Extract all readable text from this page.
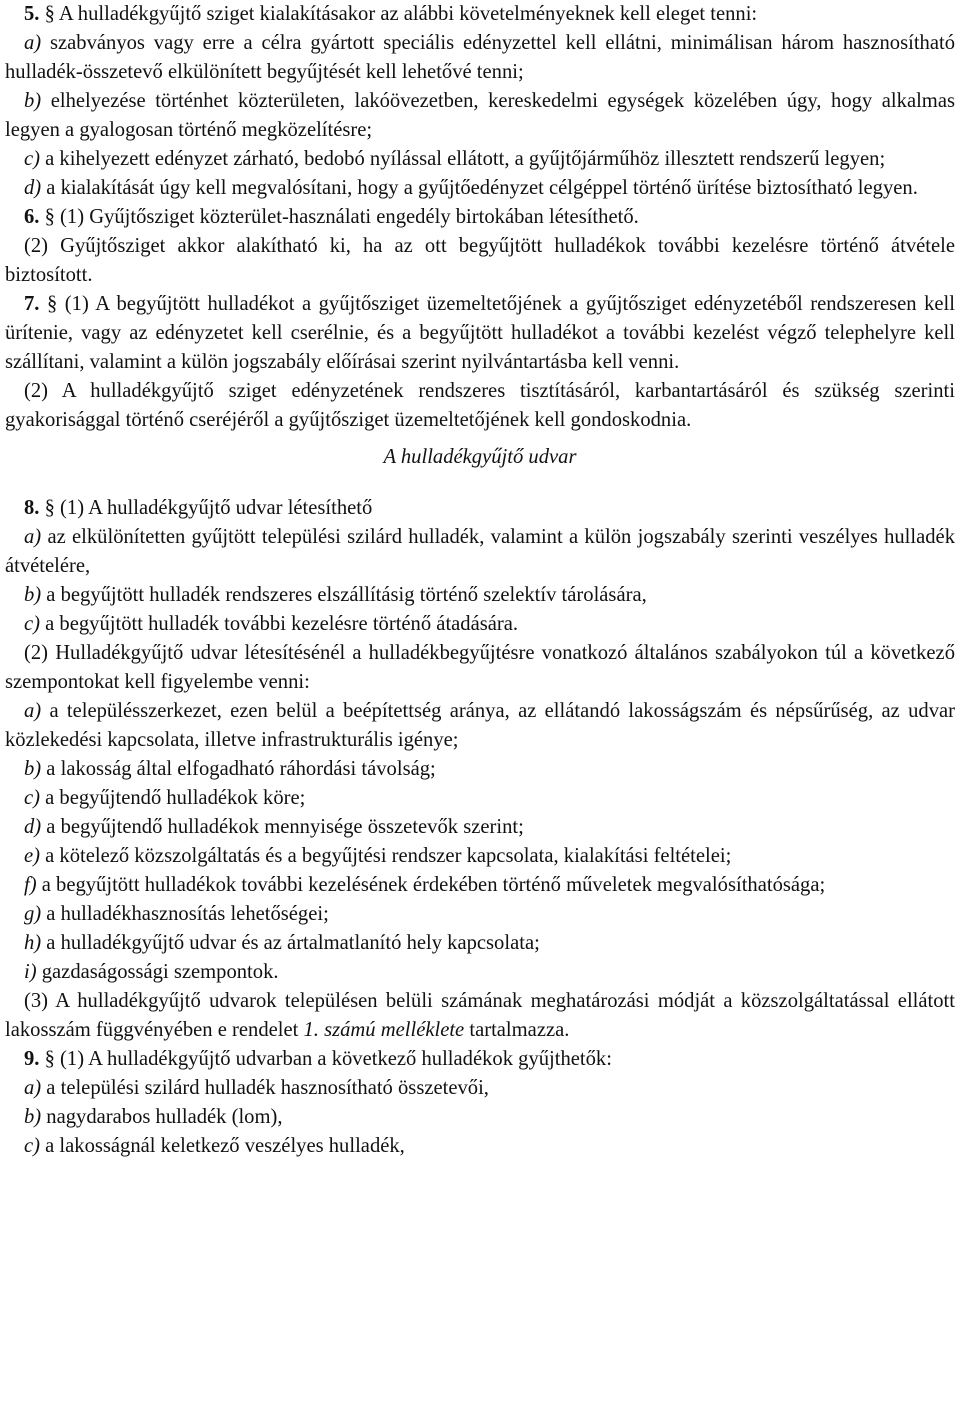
5. § A hulladékgyűjtő sziget kialakításakor az alábbi követelményeknek kell eleget tenni:

a) szabványos vagy erre a célra gyártott speciális edényzettel kell ellátni, minimálisan három hasznosítható hulladék-összetevő elkülönített begyűjtését kell lehetővé tenni;

b) elhelyezése történhet közterületen, lakóövezetben, kereskedelmi egységek közelében úgy, hogy alkalmas legyen a gyalogosan történő megközelítésre;

c) a kihelyezett edényzet zárható, bedobó nyílással ellátott, a gyűjtőjárműhöz illesztett rendszerű legyen;

d) a kialakítását úgy kell megvalósítani, hogy a gyűjtőedényzet célgéppel történő ürítése biztosítható legyen.

6. § (1) Gyűjtősziget közterület-használati engedély birtokában létesíthető.

(2) Gyűjtősziget akkor alakítható ki, ha az ott begyűjtött hulladékok további kezelésre történő átvétele biztosított.

7. § (1) A begyűjtött hulladékot a gyűjtősziget üzemeltetőjének a gyűjtősziget edényzetéből rendszeresen kell ürítenie, vagy az edényzetet kell cserélnie, és a begyűjtött hulladékot a további kezelést végző telephelyre kell szállítani, valamint a külön jogszabály előírásai szerint nyilvántartásba kell venni.

(2) A hulladékgyűjtő sziget edényzetének rendszeres tisztításáról, karbantartásáról és szükség szerinti gyakorisággal történő cseréjéről a gyűjtősziget üzemeltetőjének kell gondoskodnia.

A hulladékgyűjtő udvar

8. § (1) A hulladékgyűjtő udvar létesíthető

a) az elkülönítetten gyűjtött települési szilárd hulladék, valamint a külön jogszabály szerinti veszélyes hulladék átvételére,

b) a begyűjtött hulladék rendszeres elszállításig történő szelektív tárolására,

c) a begyűjtött hulladék további kezelésre történő átadására.

(2) Hulladékgyűjtő udvar létesítésénél a hulladékbegyűjtésre vonatkozó általános szabályokon túl a következő szempontokat kell figyelembe venni:

a) a településszerkezet, ezen belül a beépítettség aránya, az ellátandó lakosságszám és népsűrűség, az udvar közlekedési kapcsolata, illetve infrastrukturális igénye;

b) a lakosság által elfogadható ráhordási távolság;

c) a begyűjtendő hulladékok köre;

d) a begyűjtendő hulladékok mennyisége összetevők szerint;

e) a kötelező közszolgáltatás és a begyűjtési rendszer kapcsolata, kialakítási feltételei;

f) a begyűjtött hulladékok további kezelésének érdekében történő műveletek megvalósíthatósága;

g) a hulladékhasznosítás lehetőségei;

h) a hulladékgyűjtő udvar és az ártalmatlanító hely kapcsolata;

i) gazdaságossági szempontok.

(3) A hulladékgyűjtő udvarok településen belüli számának meghatározási módját a közszolgáltatással ellátott lakosszám függvényében e rendelet 1. számú melléklete tartalmazza.

9. § (1) A hulladékgyűjtő udvarban a következő hulladékok gyűjthetők:

a) a települési szilárd hulladék hasznosítható összetevői,

b) nagydarabos hulladék (lom),

c) a lakosságnál keletkező veszélyes hulladék,
